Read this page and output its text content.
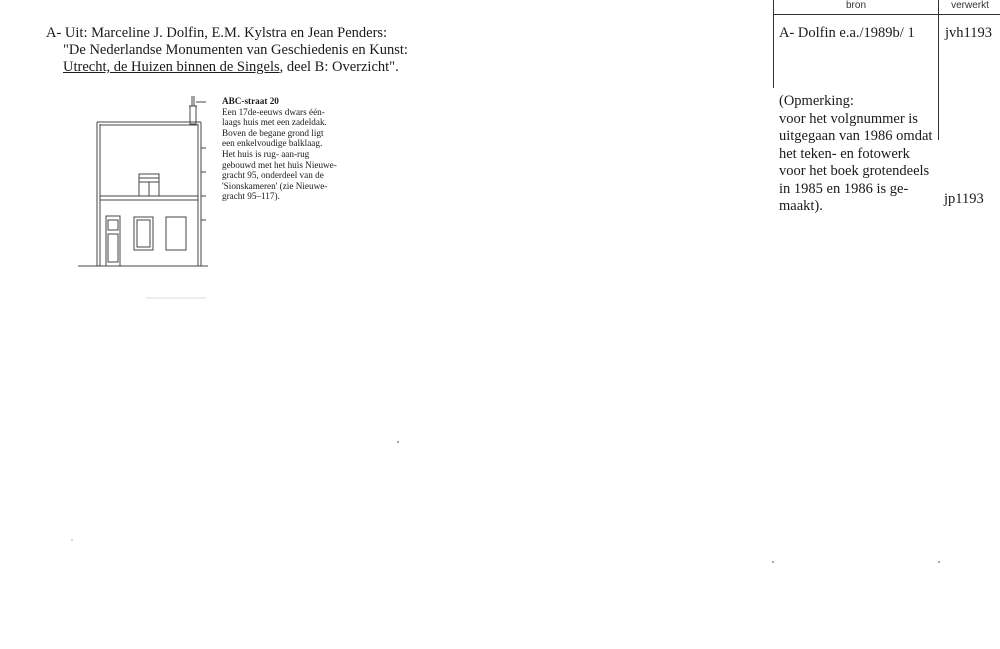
A- Uit: Marceline J. Dolfin, E.M. Kylstra en Jean Penders:
"De Nederlandse Monumenten van Geschiedenis en Kunst:
Utrecht, de Huizen binnen de Singels, deel B: Overzicht".
ABC-straat 20
Een 17de-eeuws dwars één-
laags huis met een zadeldak.
Boven de begane grond ligt
een enkelvoudige balklaag.
Het huis is rug- aan-rug
gebouwd met het huis Nieuwe-
gracht 95, onderdeel van de
'Sionskameren' (zie Nieuwe-
gracht 95–117).
bron	verwerkt
A- Dolfin e.a./1989b/ 1 jvh1193
(Opmerking:
voor het volgnummer is
uitgegaan van 1986 omdat
het teken- en fotowerk
voor het boek grotendeels
in 1985 en 1986 is ge-
maakt).	jp1193
